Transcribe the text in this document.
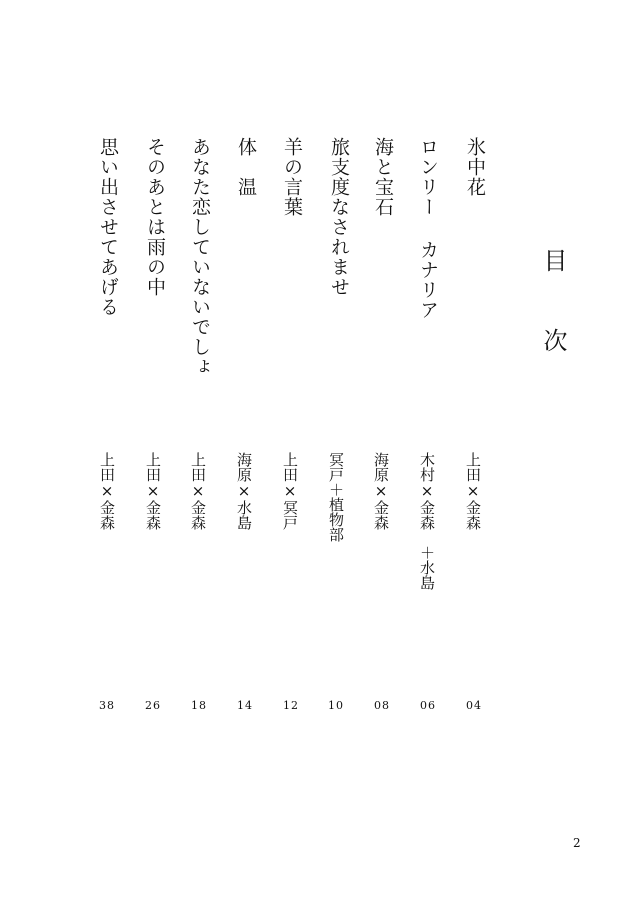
目　次
氷中花
上田×金森
04
ロンリー カナリア
木村×金森　＋水島
06
海と宝石
海原×金森
08
旅支度なされませ
冥戸＋植物部
10
羊の言葉
上田×冥戸
12
体　温
海原×水島
14
あなた恋していないでしょ
上田×金森
18
そのあとは雨の中
上田×金森
26
思い出させてあげる
上田×金森
38
2
